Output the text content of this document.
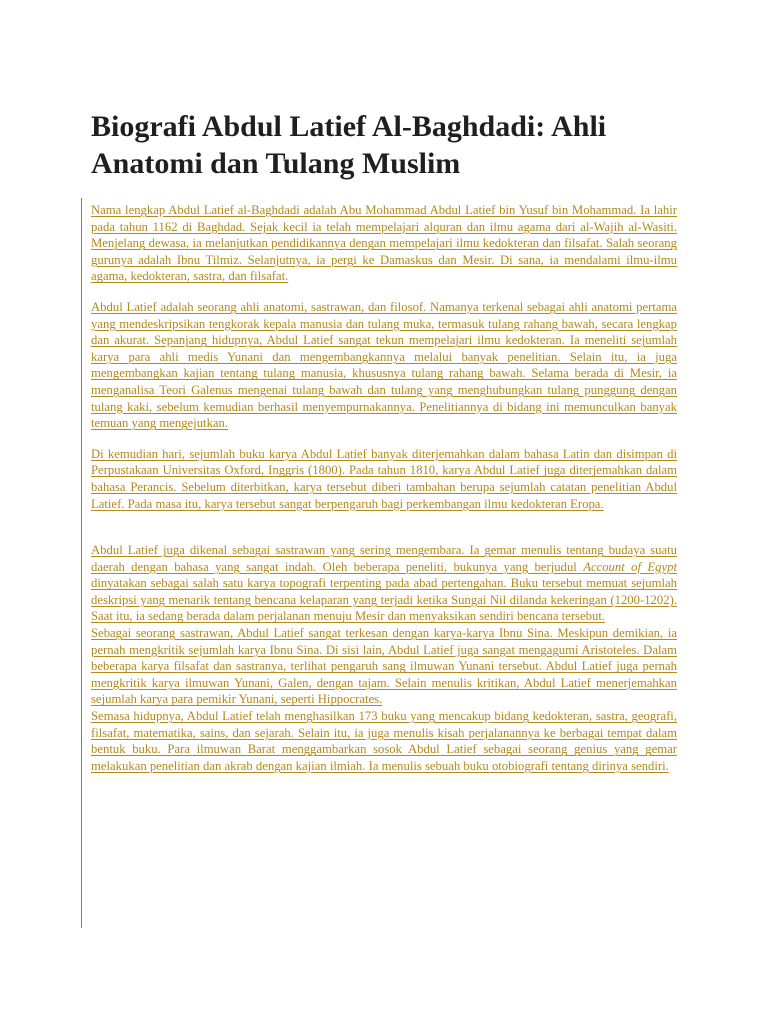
Biografi Abdul Latief Al-Baghdadi: Ahli Anatomi dan Tulang Muslim

Nama lengkap Abdul Latief al-Baghdadi adalah Abu Mohammad Abdul Latief bin Yusuf bin Mohammad. Ia lahir pada tahun 1162 di Baghdad. Sejak kecil ia telah mempelajari alquran dan ilmu agama dari al-Wajih al-Wasiti. Menjelang dewasa, ia melanjutkan pendidikannya dengan mempelajari ilmu kedokteran dan filsafat. Salah seorang gurunya adalah Ibnu Tilmiz. Selanjutnya, ia pergi ke Damaskus dan Mesir. Di sana, ia mendalami ilmu-ilmu agama, kedokteran, sastra, dan filsafat.

Abdul Latief adalah seorang ahli anatomi, sastrawan, dan filosof. Namanya terkenal sebagai ahli anatomi pertama yang mendeskripsikan tengkorak kepala manusia dan tulang muka, termasuk tulang rahang bawah, secara lengkap dan akurat. Sepanjang hidupnya, Abdul Latief sangat tekun mempelajari ilmu kedokteran. Ia meneliti sejumlah karya para ahli medis Yunani dan mengembangkannya melalui banyak penelitian. Selain itu, ia juga mengembangkan kajian tentang tulang manusia, khususnya tulang rahang bawah. Selama berada di Mesir, ia menganalisa Teori Galenus mengenai tulang bawah dan tulang yang menghubungkan tulang punggung dengan tulang kaki, sebelum kemudian berhasil menyempurnakannya. Penelitiannya di bidang ini memunculkan banyak temuan yang mengejutkan.

Di kemudian hari, sejumlah buku karya Abdul Latief banyak diterjemahkan dalam bahasa Latin dan disimpan di Perpustakaan Universitas Oxford, Inggris (1800). Pada tahun 1810, karya Abdul Latief juga diterjemahkan dalam bahasa Perancis. Sebelum diterbitkan, karya tersebut diberi tambahan berupa sejumlah catatan penelitian Abdul Latief. Pada masa itu, karya tersebut sangat berpengaruh bagi perkembangan ilmu kedokteran Eropa.

Abdul Latief juga dikenal sebagai sastrawan yang sering mengembara. Ia gemar menulis tentang budaya suatu daerah dengan bahasa yang sangat indah. Oleh beberapa peneliti, bukunya yang berjudul Account of Egypt dinyatakan sebagai salah satu karya topografi terpenting pada abad pertengahan. Buku tersebut memuat sejumlah deskripsi yang menarik tentang bencana kelaparan yang terjadi ketika Sungai Nil dilanda kekeringan (1200-1202). Saat itu, ia sedang berada dalam perjalanan menuju Mesir dan menyaksikan sendiri bencana tersebut.

Sebagai seorang sastrawan, Abdul Latief sangat terkesan dengan karya-karya Ibnu Sina. Meskipun demikian, ia pernah mengkritik sejumlah karya Ibnu Sina. Di sisi lain, Abdul Latief juga sangat mengagumi Aristoteles. Dalam beberapa karya filsafat dan sastranya, terlihat pengaruh sang ilmuwan Yunani tersebut. Abdul Latief juga pernah mengkritik karya ilmuwan Yunani, Galen, dengan tajam. Selain menulis kritikan, Abdul Latief menerjemahkan sejumlah karya para pemikir Yunani, seperti Hippocrates.

Semasa hidupnya, Abdul Latief telah menghasilkan 173 buku yang mencakup bidang kedokteran, sastra, geografi, filsafat, matematika, sains, dan sejarah. Selain itu, ia juga menulis kisah perjalanannya ke berbagai tempat dalam bentuk buku. Para ilmuwan Barat menggambarkan sosok Abdul Latief sebagai seorang genius yang gemar melakukan penelitian dan akrab dengan kajian ilmiah. Ia menulis sebuah buku otobiografi tentang dirinya sendiri.
